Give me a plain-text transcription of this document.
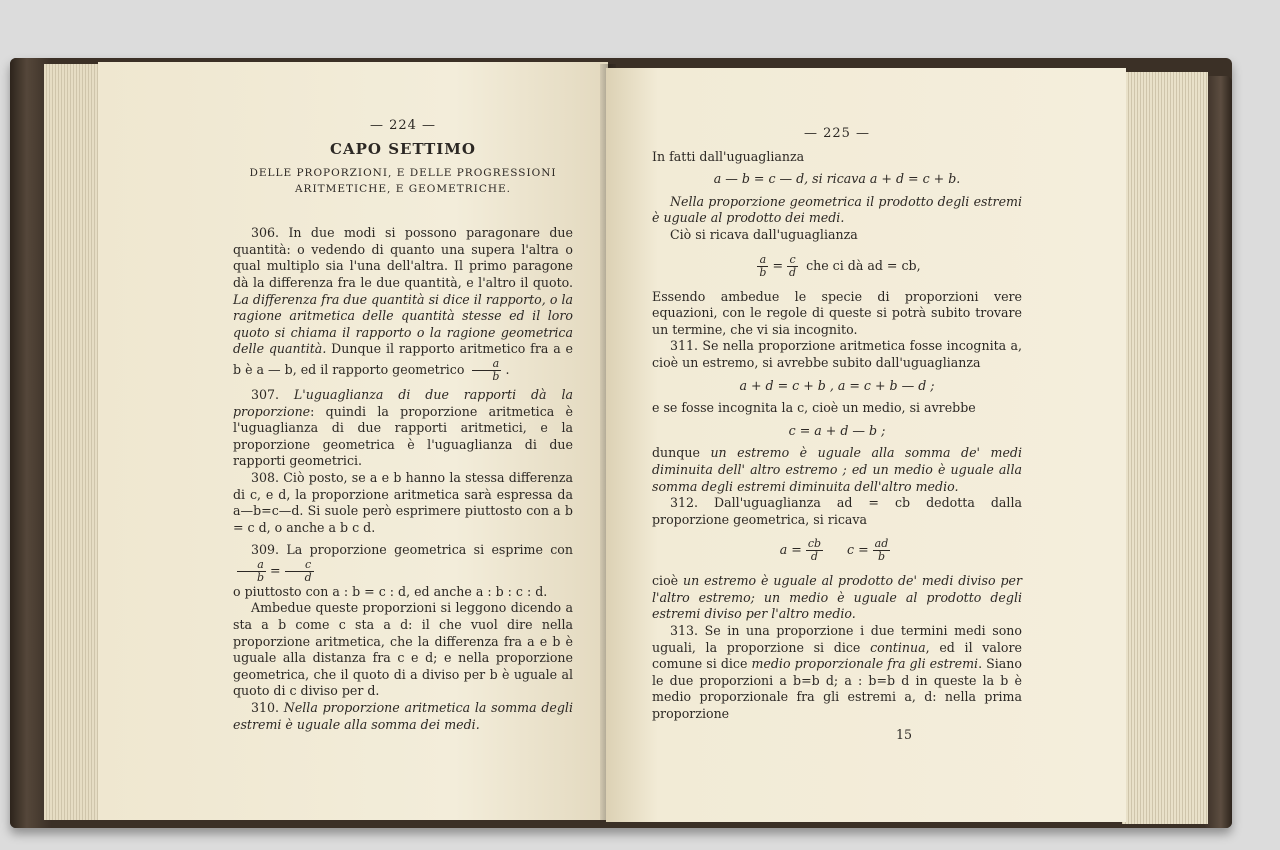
— 224 —
CAPO SETTIMO
DELLE PROPORZIONI, E DELLE PROGRESSIONI
ARITMETICHE, E GEOMETRICHE.

306. In due modi si possono paragonare due quantità: o vedendo di quanto una supera l'altra o qual multiplo sia l'una dell'altra. Il primo paragone dà la differenza fra le due quantità, e l'altro il quoto. La differenza fra due quantità si dice il rapporto, o la ragione aritmetica delle quantità stesse ed il loro quoto si chiama il rapporto o la ragione geometrica delle quantità. Dunque il rapporto aritmetico fra a e b è a — b, ed il rapporto geometrico $\frac{a}{b}$ .

307. L'uguaglianza di due rapporti dà la proporzione: quindi la proporzione aritmetica è l'uguaglianza di due rapporti aritmetici, e la proporzione geometrica è l'uguaglianza di due rapporti geometrici.

308. Ciò posto, se a e b hanno la stessa differenza di c, e d, la proporzione aritmetica sarà espressa da a—b=c—d. Si suole però esprimere piuttosto con a b = c d, o anche a b c d.

309. La proporzione geometrica si esprime con
$\frac{a}{b} = \frac{c}{d}$

o piuttosto con a : b = c : d, ed anche a : b : c : d.

Ambedue queste proporzioni si leggono dicendo a sta a b come c sta a d: il che vuol dire nella proporzione aritmetica, che la differenza fra a e b è uguale alla distanza fra c e d; e nella proporzione geometrica, che il quoto di a diviso per b è uguale al quoto di c diviso per d.

310. Nella proporzione aritmetica la somma degli estremi è uguale alla somma dei medi.

— 225 —

In fatti dall'uguaglianza

a — b = c — d, si ricava a + d = c + b.

Nella proporzione geometrica il prodotto degli estremi è uguale al prodotto dei medi.

Ciò si ricava dall'uguaglianza

$\frac{a}{b} = \frac{c}{d}$ che ci dà ad = cb,

Essendo ambedue le specie di proporzioni vere equazioni, con le regole di queste si potrà subito trovare un termine, che vi sia incognito.

311. Se nella proporzione aritmetica fosse incognita a, cioè un estremo, si avrebbe subito dall'uguaglianza

a + d = c + b , a = c + b — d ;

e se fosse incognita la c, cioè un medio, si avrebbe

c = a + d — b ;

dunque un estremo è uguale alla somma de' medi diminuita dell' altro estremo ; ed un medio è uguale alla somma degli estremi diminuita dell'altro medio.

312. Dall'uguaglianza ad = cb dedotta dalla proporzione geometrica, si ricava

$a = \frac{cb}{d}$ $c = \frac{ad}{b}$

cioè un estremo è uguale al prodotto de' medi diviso per l'altro estremo; un medio è uguale al prodotto degli estremi diviso per l'altro medio.

313. Se in una proporzione i due termini medi sono uguali, la proporzione si dice continua, ed il valore comune si dice medio proporzionale fra gli estremi. Siano le due proporzioni a b=b d; a : b=b d in queste la b è medio proporzionale fra gli estremi a, d: nella prima proporzione

15
